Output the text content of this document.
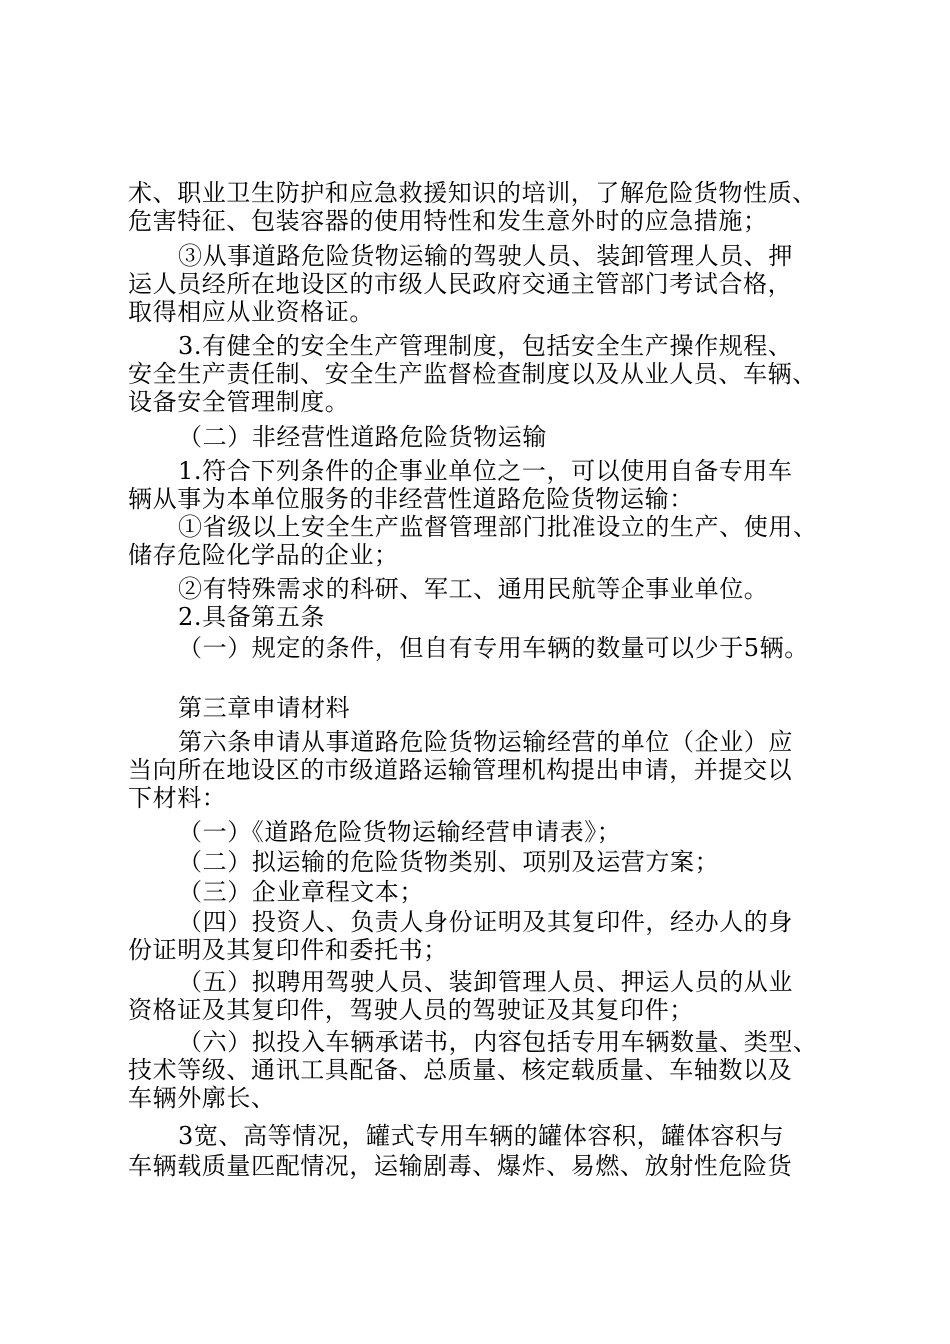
术、职业卫生防护和应急救援知识的培训，了解危险货物性质、
危害特征、包装容器的使用特性和发生意外时的应急措施；
③从事道路危险货物运输的驾驶人员、装卸管理人员、押
运人员经所在地设区的市级人民政府交通主管部门考试合格，
取得相应从业资格证。
3.有健全的安全生产管理制度，包括安全生产操作规程、
安全生产责任制、安全生产监督检查制度以及从业人员、车辆、
设备安全管理制度。
（二）非经营性道路危险货物运输
1.符合下列条件的企事业单位之一，可以使用自备专用车
辆从事为本单位服务的非经营性道路危险货物运输：
①省级以上安全生产监督管理部门批准设立的生产、使用、
储存危险化学品的企业；
②有特殊需求的科研、军工、通用民航等企事业单位。
2.具备第五条
（一）规定的条件，但自有专用车辆的数量可以少于5辆。
第三章申请材料
第六条申请从事道路危险货物运输经营的单位（企业）应
当向所在地设区的市级道路运输管理机构提出申请，并提交以
下材料：
（一）《道路危险货物运输经营申请表》；
（二）拟运输的危险货物类别、项别及运营方案；
（三）企业章程文本；
（四）投资人、负责人身份证明及其复印件，经办人的身
份证明及其复印件和委托书；
（五）拟聘用驾驶人员、装卸管理人员、押运人员的从业
资格证及其复印件，驾驶人员的驾驶证及其复印件；
（六）拟投入车辆承诺书，内容包括专用车辆数量、类型、
技术等级、通讯工具配备、总质量、核定载质量、车轴数以及
车辆外廓长、
3宽、高等情况，罐式专用车辆的罐体容积，罐体容积与
车辆载质量匹配情况，运输剧毒、爆炸、易燃、放射性危险货
